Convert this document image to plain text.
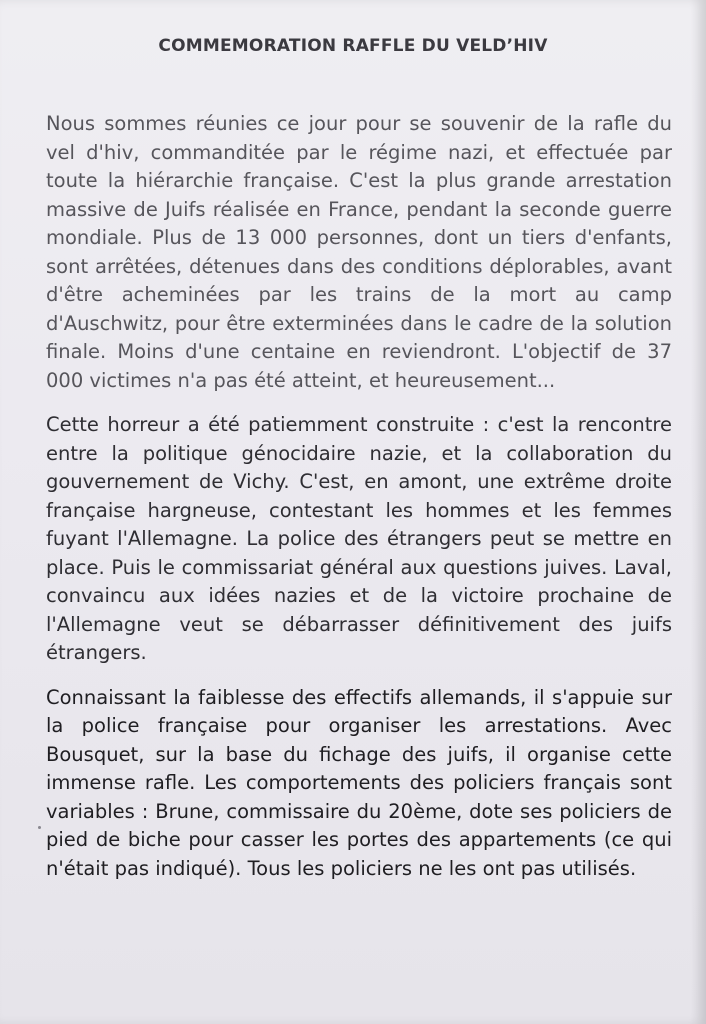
COMMEMORATION RAFFLE DU VELD’HIV

Nous sommes réunies ce jour pour se souvenir de la rafle du vel d'hiv, commanditée par le régime nazi, et effectuée par toute la hiérarchie française. C'est la plus grande arrestation massive de Juifs réalisée en France, pendant la seconde guerre mondiale. Plus de 13 000 personnes, dont un tiers d'enfants, sont arrêtées, détenues dans des conditions déplorables, avant d'être acheminées par les trains de la mort au camp d'Auschwitz, pour être exterminées dans le cadre de la solution finale. Moins d'une centaine en reviendront. L'objectif de 37 000 victimes n'a pas été atteint, et heureusement...

Cette horreur a été patiemment construite : c'est la rencontre entre la politique génocidaire nazie, et la collaboration du gouvernement de Vichy. C'est, en amont, une extrême droite française hargneuse, contestant les hommes et les femmes fuyant l'Allemagne. La police des étrangers peut se mettre en place. Puis le commissariat général aux questions juives. Laval, convaincu aux idées nazies et de la victoire prochaine de l'Allemagne veut se débarrasser définitivement des juifs étrangers.

Connaissant la faiblesse des effectifs allemands, il s'appuie sur la police française pour organiser les arrestations. Avec Bousquet, sur la base du fichage des juifs, il organise cette immense rafle. Les comportements des policiers français sont variables : Brune, commissaire du 20ème, dote ses policiers de pied de biche pour casser les portes des appartements (ce qui n'était pas indiqué). Tous les policiers ne les ont pas utilisés.
